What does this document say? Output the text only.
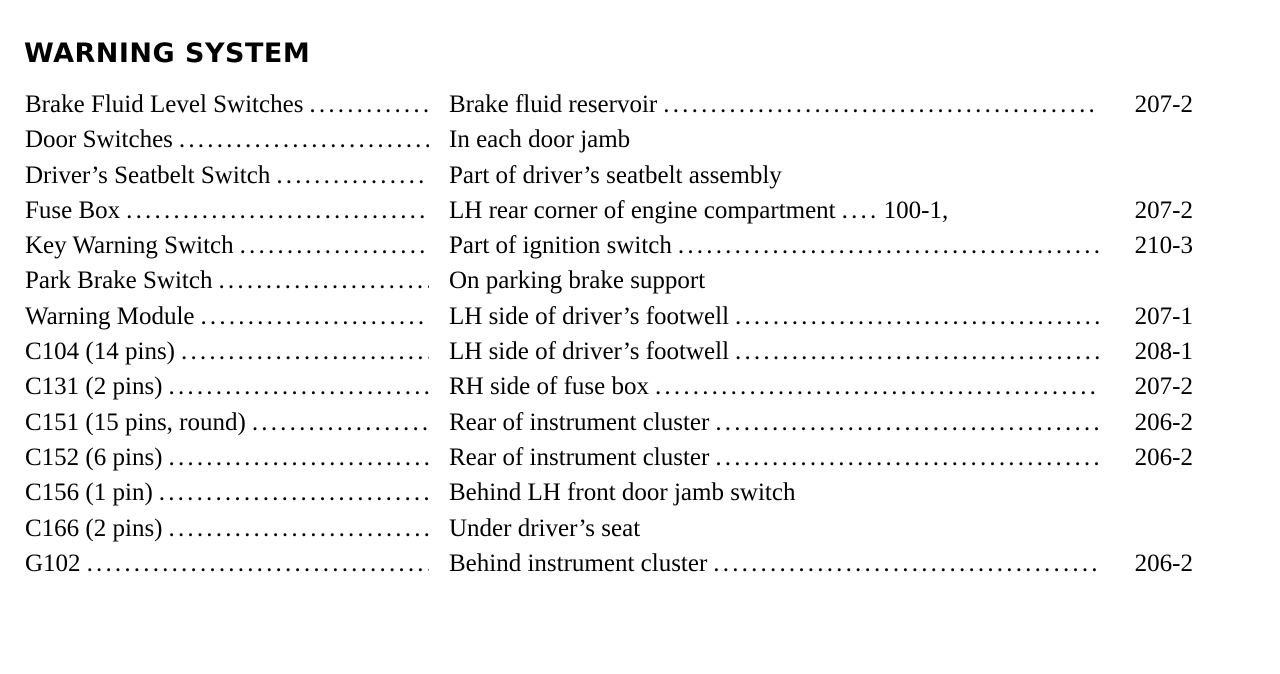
WARNING SYSTEM
Brake Fluid Level Switches .....	Brake fluid reservoir .....	207-2
Door Switches .....	In each door jamb
Driver’s Seatbelt Switch .....	Part of driver’s seatbelt assembly
Fuse Box .....	LH rear corner of engine compartment ..... 100-1,	207-2
Key Warning Switch .....	Part of ignition switch .....	210-3
Park Brake Switch .....	On parking brake support
Warning Module .....	LH side of driver’s footwell .....	207-1
C104 (14 pins) .....	LH side of driver’s footwell .....	208-1
C131 (2 pins) .....	RH side of fuse box .....	207-2
C151 (15 pins, round) .....	Rear of instrument cluster .....	206-2
C152 (6 pins) .....	Rear of instrument cluster .....	206-2
C156 (1 pin) .....	Behind LH front door jamb switch
C166 (2 pins) .....	Under driver’s seat
G102 .....	Behind instrument cluster .....	206-2
